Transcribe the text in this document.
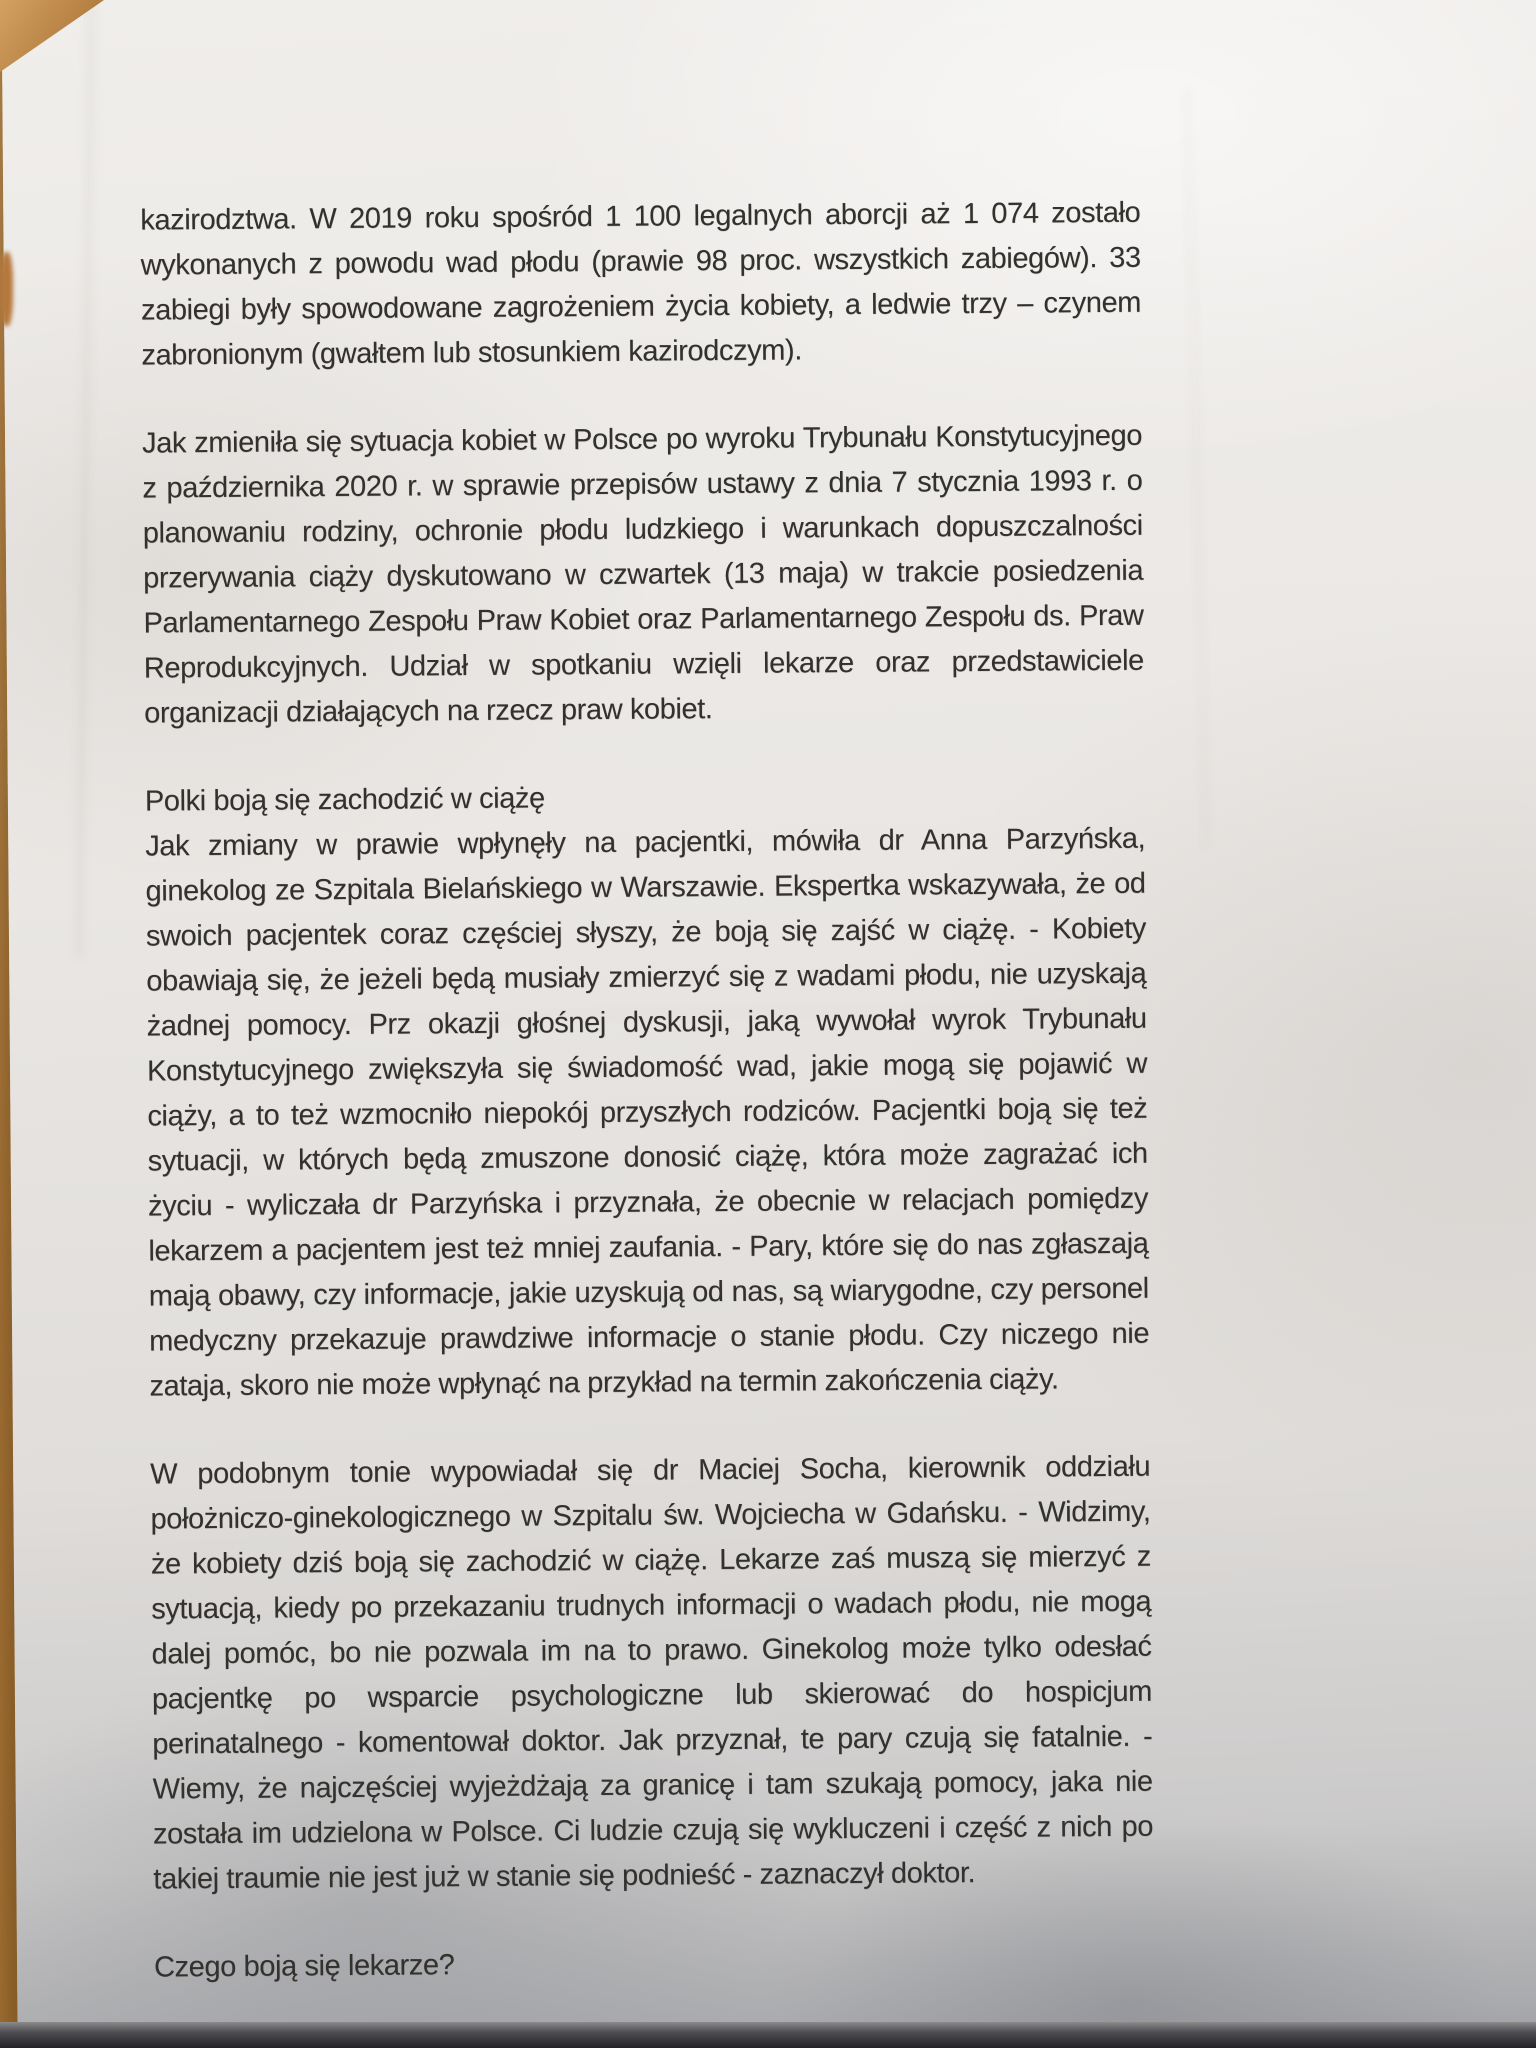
kazirodztwa. W 2019 roku spośród 1 100 legalnych aborcji aż 1 074 zostało wykonanych z powodu wad płodu (prawie 98 proc. wszystkich zabiegów). 33 zabiegi były spowodowane zagrożeniem życia kobiety, a ledwie trzy – czynem zabronionym (gwałtem lub stosunkiem kazirodczym).

Jak zmieniła się sytuacja kobiet w Polsce po wyroku Trybunału Konstytucyjnego z października 2020 r. w sprawie przepisów ustawy z dnia 7 stycznia 1993 r. o planowaniu rodziny, ochronie płodu ludzkiego i warunkach dopuszczalności przerywania ciąży dyskutowano w czwartek (13 maja) w trakcie posiedzenia Parlamentarnego Zespołu Praw Kobiet oraz Parlamentarnego Zespołu ds. Praw Reprodukcyjnych. Udział w spotkaniu wzięli lekarze oraz przedstawiciele organizacji działających na rzecz praw kobiet.

Polki boją się zachodzić w ciążę

Jak zmiany w prawie wpłynęły na pacjentki, mówiła dr Anna Parzyńska, ginekolog ze Szpitala Bielańskiego w Warszawie. Ekspertka wskazywała, że od swoich pacjentek coraz częściej słyszy, że boją się zajść w ciążę. - Kobiety obawiają się, że jeżeli będą musiały zmierzyć się z wadami płodu, nie uzyskają żadnej pomocy. Prz okazji głośnej dyskusji, jaką wywołał wyrok Trybunału Konstytucyjnego zwiększyła się świadomość wad, jakie mogą się pojawić w ciąży, a to też wzmocniło niepokój przyszłych rodziców. Pacjentki boją się też sytuacji, w których będą zmuszone donosić ciążę, która może zagrażać ich życiu - wyliczała dr Parzyńska i przyznała, że obecnie w relacjach pomiędzy lekarzem a pacjentem jest też mniej zaufania. - Pary, które się do nas zgłaszają mają obawy, czy informacje, jakie uzyskują od nas, są wiarygodne, czy personel medyczny przekazuje prawdziwe informacje o stanie płodu. Czy niczego nie zataja, skoro nie może wpłynąć na przykład na termin zakończenia ciąży.

W podobnym tonie wypowiadał się dr Maciej Socha, kierownik oddziału położniczo-ginekologicznego w Szpitalu św. Wojciecha w Gdańsku. - Widzimy, że kobiety dziś boją się zachodzić w ciążę. Lekarze zaś muszą się mierzyć z sytuacją, kiedy po przekazaniu trudnych informacji o wadach płodu, nie mogą dalej pomóc, bo nie pozwala im na to prawo. Ginekolog może tylko odesłać pacjentkę po wsparcie psychologiczne lub skierować do hospicjum perinatalnego - komentował doktor. Jak przyznał, te pary czują się fatalnie. - Wiemy, że najczęściej wyjeżdżają za granicę i tam szukają pomocy, jaka nie została im udzielona w Polsce. Ci ludzie czują się wykluczeni i część z nich po takiej traumie nie jest już w stanie się podnieść - zaznaczył doktor.

Czego boją się lekarze?
